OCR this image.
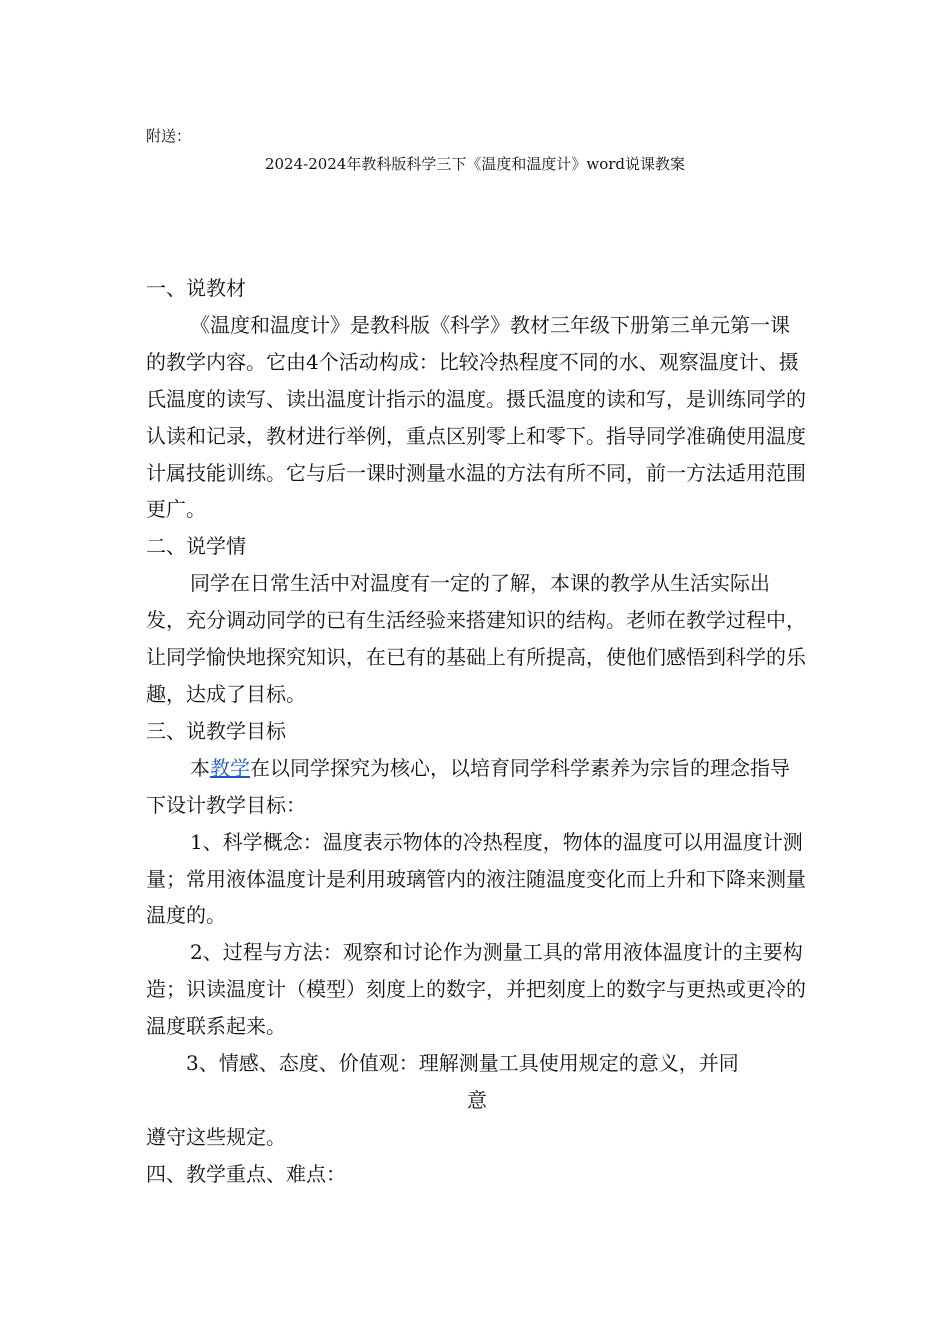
附送：
2024-2024年教科版科学三下《温度和温度计》word说课教案

一、说教材

《温度和温度计》是教科版《科学》教材三年级下册第三单元第一课的教学内容。它由4个活动构成：比较冷热程度不同的水、观察温度计、摄氏温度的读写、读出温度计指示的温度。摄氏温度的读和写，是训练同学的认读和记录，教材进行举例，重点区别零上和零下。指导同学准确使用温度计属技能训练。它与后一课时测量水温的方法有所不同，前一方法适用范围更广。

二、说学情

同学在日常生活中对温度有一定的了解，本课的教学从生活实际出发，充分调动同学的已有生活经验来搭建知识的结构。老师在教学过程中，让同学愉快地探究知识，在已有的基础上有所提高，使他们感悟到科学的乐趣，达成了目标。

三、说教学目标

本教学在以同学探究为核心，以培育同学科学素养为宗旨的理念指导下设计教学目标：

1、科学概念：温度表示物体的冷热程度，物体的温度可以用温度计测量；常用液体温度计是利用玻璃管内的液注随温度变化而上升和下降来测量温度的。

2、过程与方法：观察和讨论作为测量工具的常用液体温度计的主要构造；识读温度计（模型）刻度上的数字，并把刻度上的数字与更热或更冷的温度联系起来。

3、情感、态度、价值观：理解测量工具使用规定的意义，并同

意

遵守这些规定。

四、教学重点、难点：
